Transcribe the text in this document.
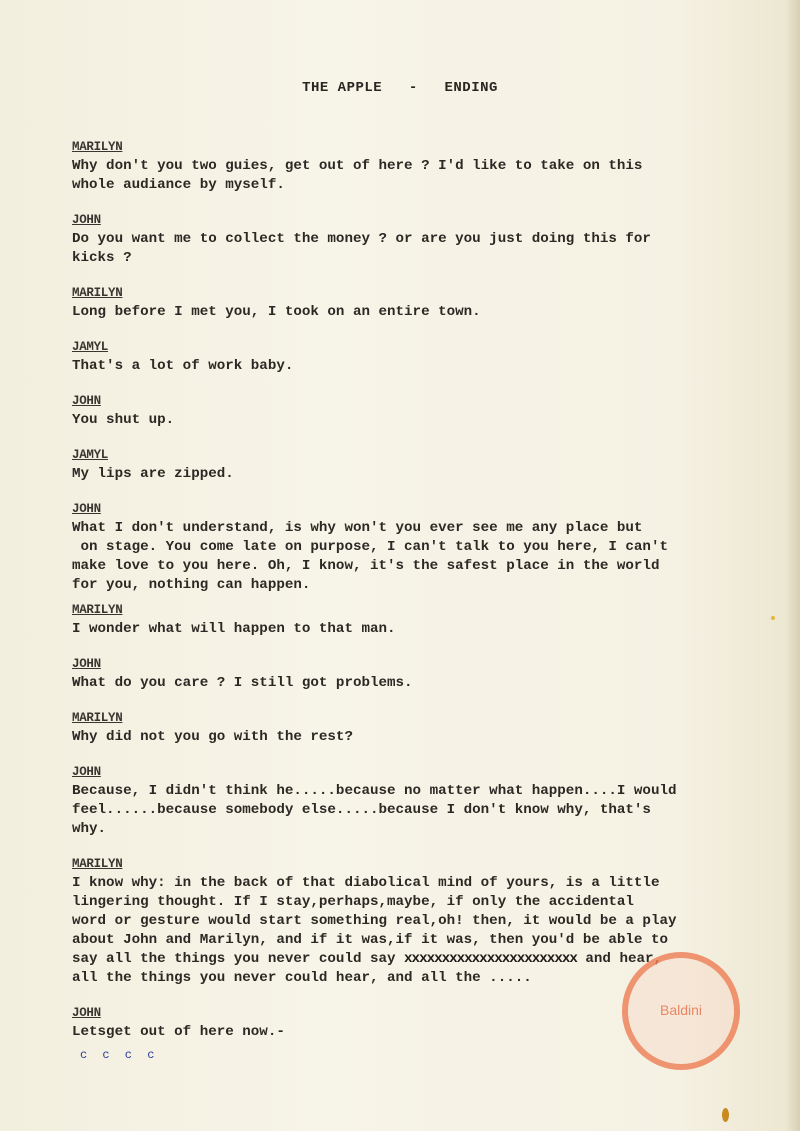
THE APPLE   -   ENDING
MARILYN
Why don't you two guies, get out of here ? I'd like to take on this
whole audiance by myself.
JOHN
Do you want me to collect the money ? or are you just doing this for
kicks ?
MARILYN
Long before I met you, I took on an entire town.
JAMYL
That's a lot of work baby.
JOHN
You shut up.
JAMYL
My lips are zipped.
JOHN
What I don't understand, is why won't you ever see me any place but
on stage. You come late on purpose, I can't talk to you here, I can't
make love to you here. Oh, I know, it's the safest place in the world
for you, nothing can happen.
MARILYN
I wonder what will happen to that man.
JOHN
What do you care ? I still got problems.
MARILYN
Why did not you go with the rest?
JOHN
Because, I didn't think he.....because no matter what happen....I would
feel......because somebody else.....because I don't know why, that's
why.
MARILYN
I know why: in the back of that diabolical mind of yours, is a little
lingering thought. If I stay,perhaps,maybe, if only the accidental
word or gesture would start something real,oh! then, it would be a play
about John and Marilyn, and if it was,if it was, then you'd be able to
say all the things you never could say xxxxxxxxxxxxxxxxxxxxxxx and hear,
all the things you never could hear, and all the .....
JOHN
Letsget out of here now.-
Baldini
c c c c
